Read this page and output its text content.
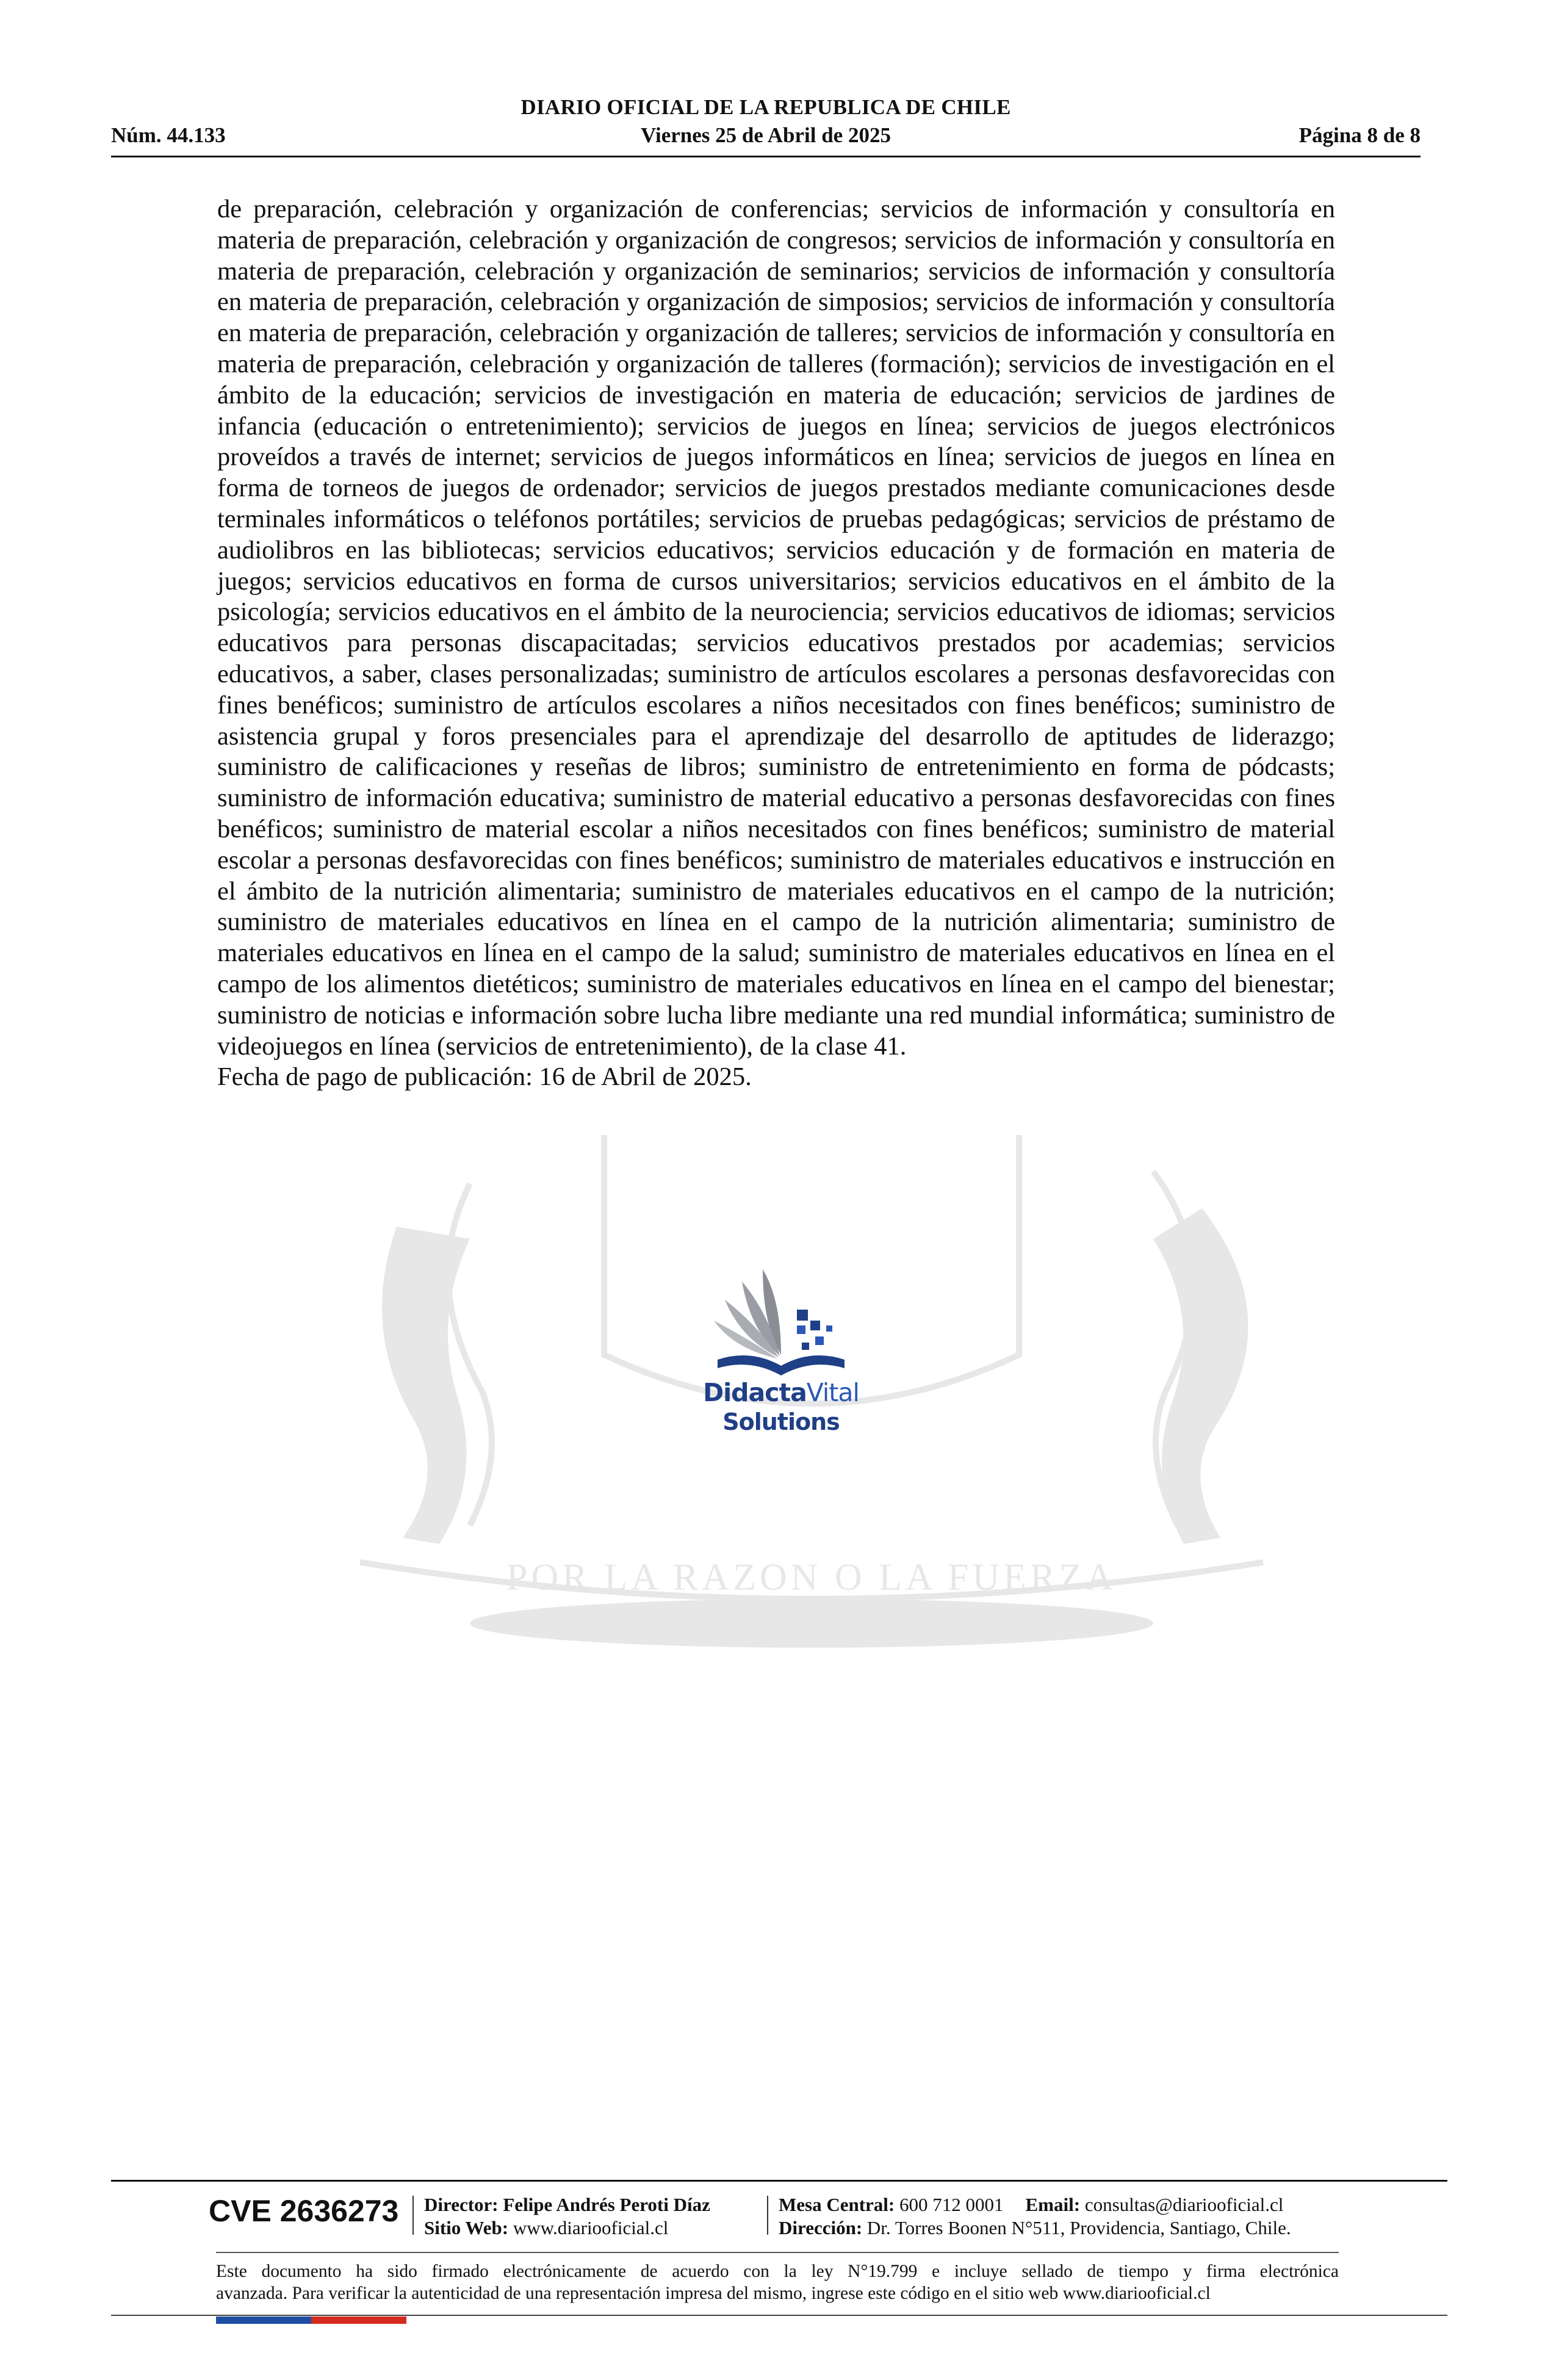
DIARIO OFICIAL DE LA REPUBLICA DE CHILE
Núm. 44.133	Viernes 25 de Abril de 2025	Página 8 de 8
POR LA RAZON O LA FUERZA

de preparación, celebración y organización de conferencias; servicios de información y consultoría en materia de preparación, celebración y organización de congresos; servicios de información y consultoría en materia de preparación, celebración y organización de seminarios; servicios de información y consultoría en materia de preparación, celebración y organización de simposios; servicios de información y consultoría en materia de preparación, celebración y organización de talleres; servicios de información y consultoría en materia de preparación, celebración y organización de talleres (formación); servicios de investigación en el ámbito de la educación; servicios de investigación en materia de educación; servicios de jardines de infancia (educación o entretenimiento); servicios de juegos en línea; servicios de juegos electrónicos proveídos a través de internet; servicios de juegos informáticos en línea; servicios de juegos en línea en forma de torneos de juegos de ordenador; servicios de juegos prestados mediante comunicaciones desde terminales informáticos o teléfonos portátiles; servicios de pruebas pedagógicas; servicios de préstamo de audiolibros en las bibliotecas; servicios educativos; servicios educación y de formación en materia de juegos; servicios educativos en forma de cursos universitarios; servicios educativos en el ámbito de la psicología; servicios educativos en el ámbito de la neurociencia; servicios educativos de idiomas; servicios educativos para personas discapacitadas; servicios educativos prestados por academias; servicios educativos, a saber, clases personalizadas; suministro de artículos escolares a personas desfavorecidas con fines benéficos; suministro de artículos escolares a niños necesitados con fines benéficos; suministro de asistencia grupal y foros presenciales para el aprendizaje del desarrollo de aptitudes de liderazgo; suministro de calificaciones y reseñas de libros; suministro de entretenimiento en forma de pódcasts; suministro de información educativa; suministro de material educativo a personas desfavorecidas con fines benéficos; suministro de material escolar a niños necesitados con fines benéficos; suministro de material escolar a personas desfavorecidas con fines benéficos; suministro de materiales educativos e instrucción en el ámbito de la nutrición alimentaria; suministro de materiales educativos en el campo de la nutrición; suministro de materiales educativos en línea en el campo de la nutrición alimentaria; suministro de materiales educativos en línea en el campo de la salud; suministro de materiales educativos en línea en el campo de los alimentos dietéticos; suministro de materiales educativos en línea en el campo del bienestar; suministro de noticias e información sobre lucha libre mediante una red mundial informática; suministro de videojuegos en línea (servicios de entretenimiento), de la clase 41.

Fecha de pago de publicación: 16 de Abril de 2025.

DidactaVital
Solutions
CVE 2636273 Director: Felipe Andrés Peroti Díaz
Sitio Web: www.diariooficial.cl
Mesa Central: 600 712 0001 Email: consultas@diariooficial.cl
Dirección: Dr. Torres Boonen N°511, Providencia, Santiago, Chile.
Este documento ha sido firmado electrónicamente de acuerdo con la ley N°19.799 e incluye sellado de tiempo y firma electrónica
avanzada. Para verificar la autenticidad de una representación impresa del mismo, ingrese este código en el sitio web www.diariooficial.cl
